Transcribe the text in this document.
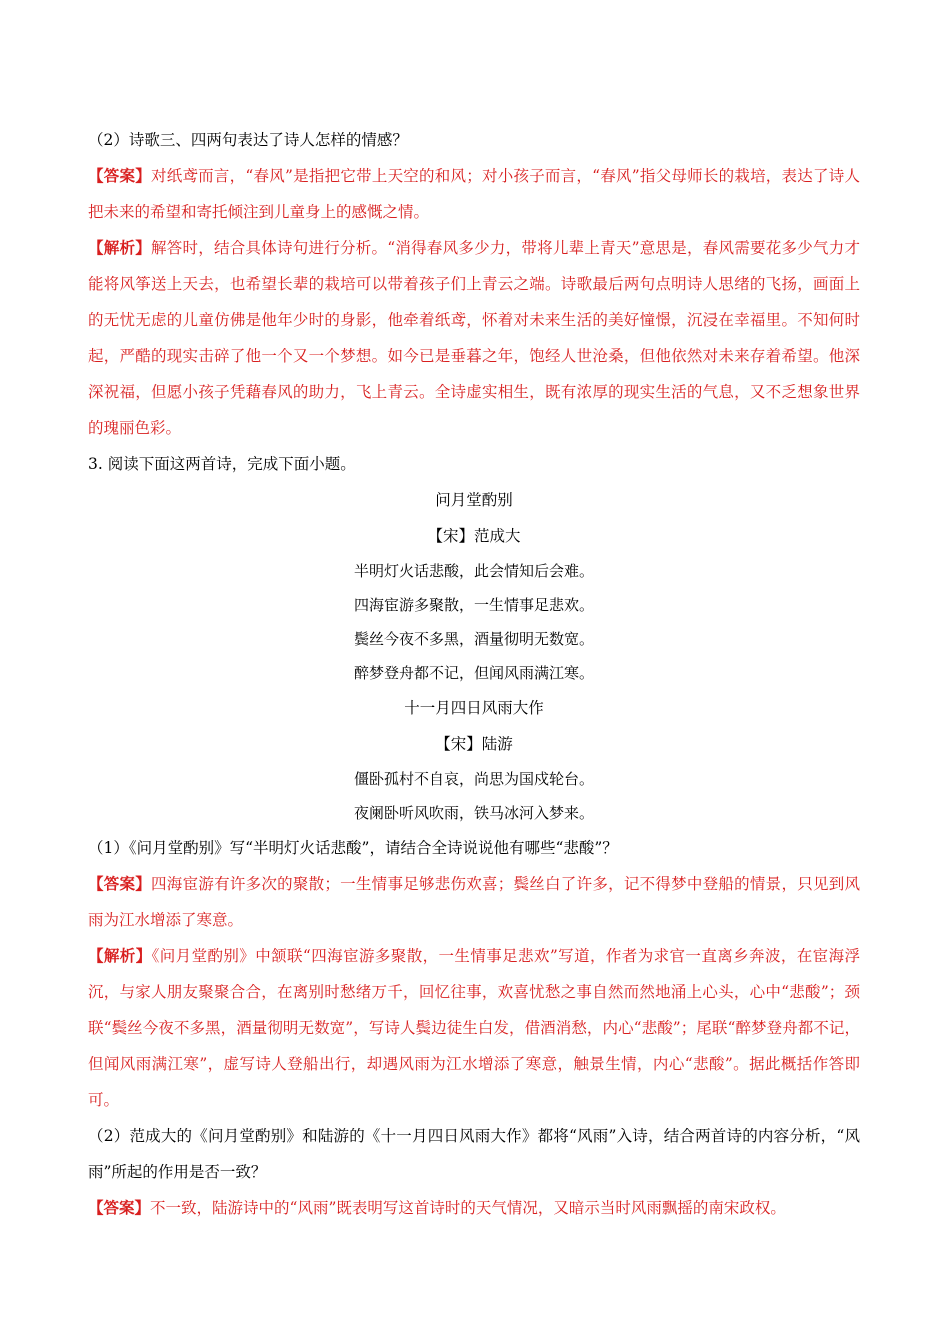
（2）诗歌三、四两句表达了诗人怎样的情感？

【答案】对纸鸢而言，“春风”是指把它带上天空的和风；对小孩子而言，“春风”指父母师长的栽培，表达了诗人把未来的希望和寄托倾注到儿童身上的感慨之情。

【解析】解答时，结合具体诗句进行分析。“消得春风多少力，带将儿辈上青天”意思是，春风需要花多少气力才能将风筝送上天去，也希望长辈的栽培可以带着孩子们上青云之端。诗歌最后两句点明诗人思绪的飞扬，画面上的无忧无虑的儿童仿佛是他年少时的身影，他牵着纸鸢，怀着对未来生活的美好憧憬，沉浸在幸福里。不知何时起，严酷的现实击碎了他一个又一个梦想。如今已是垂暮之年，饱经人世沧桑，但他依然对未来存着希望。他深深祝福，但愿小孩子凭藉春风的助力，飞上青云。全诗虚实相生，既有浓厚的现实生活的气息，又不乏想象世界的瑰丽色彩。

3. 阅读下面这两首诗，完成下面小题。

问月堂酌别

【宋】范成大

半明灯火话悲酸，此会情知后会难。

四海宦游多聚散，一生情事足悲欢。

鬓丝今夜不多黑，酒量彻明无数宽。

醉梦登舟都不记，但闻风雨满江寒。

十一月四日风雨大作

【宋】陆游

僵卧孤村不自哀，尚思为国戍轮台。

夜阑卧听风吹雨，铁马冰河入梦来。

（1）《问月堂酌别》写“半明灯火话悲酸”，请结合全诗说说他有哪些“悲酸”？

【答案】四海宦游有许多次的聚散；一生情事足够悲伤欢喜；鬓丝白了许多，记不得梦中登船的情景，只见到风雨为江水增添了寒意。

【解析】《问月堂酌别》中颔联“四海宦游多聚散，一生情事足悲欢”写道，作者为求官一直离乡奔波，在宦海浮沉，与家人朋友聚聚合合，在离别时愁绪万千，回忆往事，欢喜忧愁之事自然而然地涌上心头，心中“悲酸”；颈联“鬓丝今夜不多黑，酒量彻明无数宽”，写诗人鬓边徒生白发，借酒消愁，内心“悲酸”；尾联“醉梦登舟都不记，但闻风雨满江寒”，虚写诗人登船出行，却遇风雨为江水增添了寒意，触景生情，内心“悲酸”。据此概括作答即可。

（2）范成大的《问月堂酌别》和陆游的《十一月四日风雨大作》都将“风雨”入诗，结合两首诗的内容分析，“风雨”所起的作用是否一致？

【答案】不一致，陆游诗中的“风雨”既表明写这首诗时的天气情况，又暗示当时风雨飘摇的南宋政权。
